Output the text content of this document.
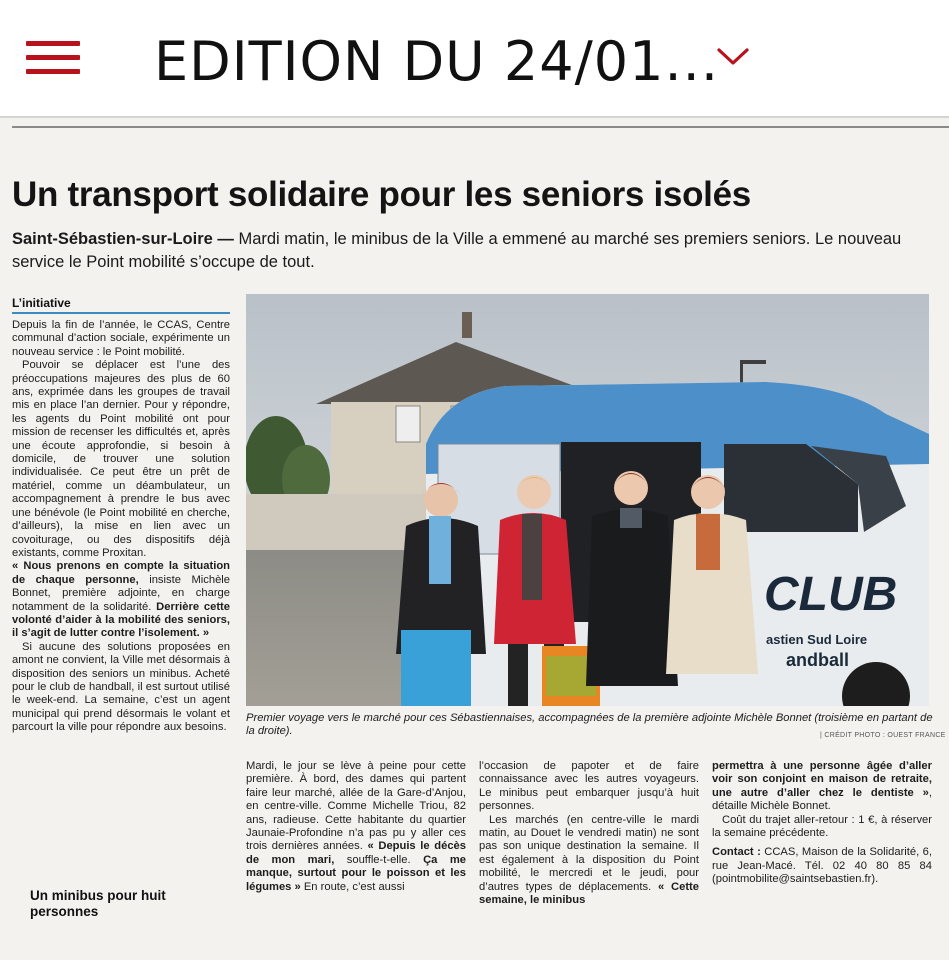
EDITION DU 24/01...
Un transport solidaire pour les seniors isolés
Saint-Sébastien-sur-Loire — Mardi matin, le minibus de la Ville a emmené au marché ses premiers seniors. Le nouveau service le Point mobilité s’occupe de tout.
L’initiative

Depuis la fin de l’année, le CCAS, Centre communal d’action sociale, expérimente un nouveau service : le Point mobilité.

Pouvoir se déplacer est l’une des préoccupations majeures des plus de 60 ans, exprimée dans les groupes de travail mis en place l’an dernier. Pour y répondre, les agents du Point mobilité ont pour mission de recenser les difficultés et, après une écoute approfondie, si besoin à domicile, de trouver une solution individualisée. Ce peut être un prêt de matériel, comme un déambulateur, un accompagnement à prendre le bus avec une bénévole (le Point mobilité en cherche, d’ailleurs), la mise en lien avec un covoiturage, ou des dispositifs déjà existants, comme Proxitan.

« Nous prenons en compte la situation de chaque personne, insiste Michèle Bonnet, première adjointe, en charge notamment de la solidarité. Derrière cette volonté d’aider à la mobilité des seniors, il s’agit de lutter contre l’isolement. »

Si aucune des solutions proposées en amont ne convient, la Ville met désormais à disposition des seniors un minibus. Acheté pour le club de handball, il est surtout utilisé le week-end. La semaine, c’est un agent municipal qui prend désormais le volant et parcourt la ville pour répondre aux besoins.

Un minibus pour huit personnes
CLUB
astien Sud Loire
andball
Premier voyage vers le marché pour ces Sébastiennaises, accompagnées de la première adjointe Michèle Bonnet (troisième en partant de la droite).	| CRÉDIT PHOTO : OUEST FRANCE

Mardi, le jour se lève à peine pour cette première. À bord, des dames qui partent faire leur marché, allée de la Gare-d’Anjou, en centre-ville. Comme Michelle Triou, 82 ans, radieuse. Cette habitante du quartier Jaunaie-Profondine n’a pas pu y aller ces trois dernières années. « Depuis le décès de mon mari, souffle-t-elle. Ça me manque, surtout pour le poisson et les légumes » En route, c’est aussi

l’occasion de papoter et de faire connaissance avec les autres voyageurs. Le minibus peut embarquer jusqu’à huit personnes.

Les marchés (en centre-ville le mardi matin, au Douet le vendredi matin) ne sont pas son unique destination la semaine. Il est également à la disposition du Point mobilité, le mercredi et le jeudi, pour d’autres types de déplacements. « Cette semaine, le minibus

permettra à une personne âgée d’aller voir son conjoint en maison de retraite, une autre d’aller chez le dentiste », détaille Michèle Bonnet.

Coût du trajet aller-retour : 1 €, à réserver la semaine précédente.

Contact : CCAS, Maison de la Solidarité, 6, rue Jean-Macé. Tél. 02 40 80 85 84 (pointmobilite@saintsebastien.fr).
